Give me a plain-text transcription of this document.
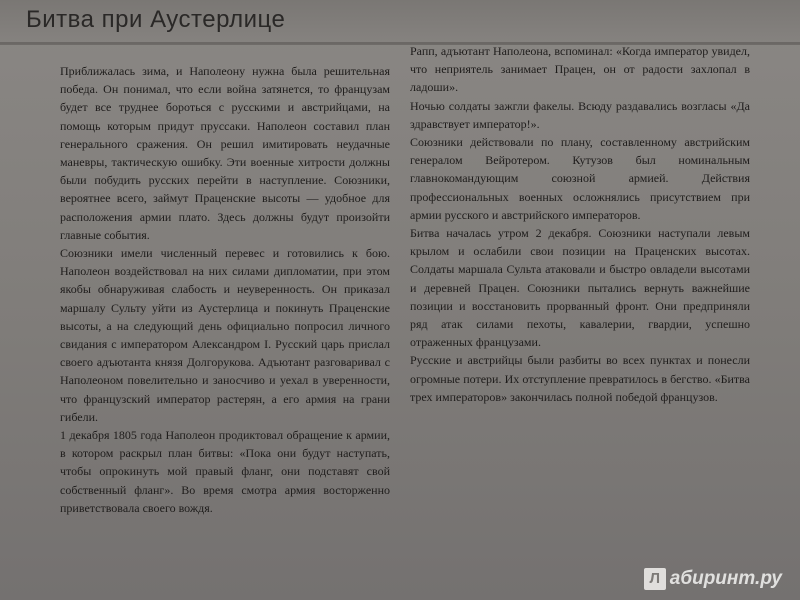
Битва при Аустерлице

Приближалась зима, и Наполеону нужна была решительная победа. Он понимал, что если война затянется, то французам будет все труднее бороться с русскими и австрийцами, на помощь которым придут пруссаки. Наполеон составил план генерального сражения. Он решил имитировать неудачные маневры, тактическую ошибку. Эти военные хитрости должны были побудить русских перейти в наступление. Союзники, вероятнее всего, займут Праценские высоты — удобное для расположения армии плато. Здесь должны будут произойти главные события.

Союзники имели численный перевес и готовились к бою. Наполеон воздействовал на них силами дипломатии, при этом якобы обнаруживая слабость и неуверенность. Он приказал маршалу Сульту уйти из Аустерлица и покинуть Праценские высоты, а на следующий день официально попросил личного свидания с императором Александром I. Русский царь прислал своего адъютанта князя Долгорукова. Адъютант разговаривал с Наполеоном повелительно и заносчиво и уехал в уверенности, что французский император растерян, а его армия на грани гибели.

1 декабря 1805 года Наполеон продиктовал обращение к армии, в котором раскрыл план битвы: «Пока они будут наступать, чтобы опрокинуть мой правый фланг, они подставят свой собственный фланг». Во время смотра армия восторженно приветствовала своего вождя.

Рапп, адъютант Наполеона, вспоминал: «Когда император увидел, что неприятель занимает Працен, он от радости захлопал в ладоши».

Ночью солдаты зажгли факелы. Всюду раздавались возгласы «Да здравствует император!».

Союзники действовали по плану, составленному австрийским генералом Вейротером. Кутузов был номинальным главнокомандующим союзной армией. Действия профессиональных военных осложнялись присутствием при армии русского и австрийского императоров.

Битва началась утром 2 декабря. Союзники наступали левым крылом и ослабили свои позиции на Праценских высотах. Солдаты маршала Сульта атаковали и быстро овладели высотами и деревней Працен. Союзники пытались вернуть важнейшие позиции и восстановить прорванный фронт. Они предприняли ряд атак силами пехоты, кавалерии, гвардии, успешно отраженных французами.

Русские и австрийцы были разбиты во всех пунктах и понесли огромные потери. Их отступление превратилось в бегство. «Битва трех императоров» закончилась полной победой французов.

Л абиринт.ру
